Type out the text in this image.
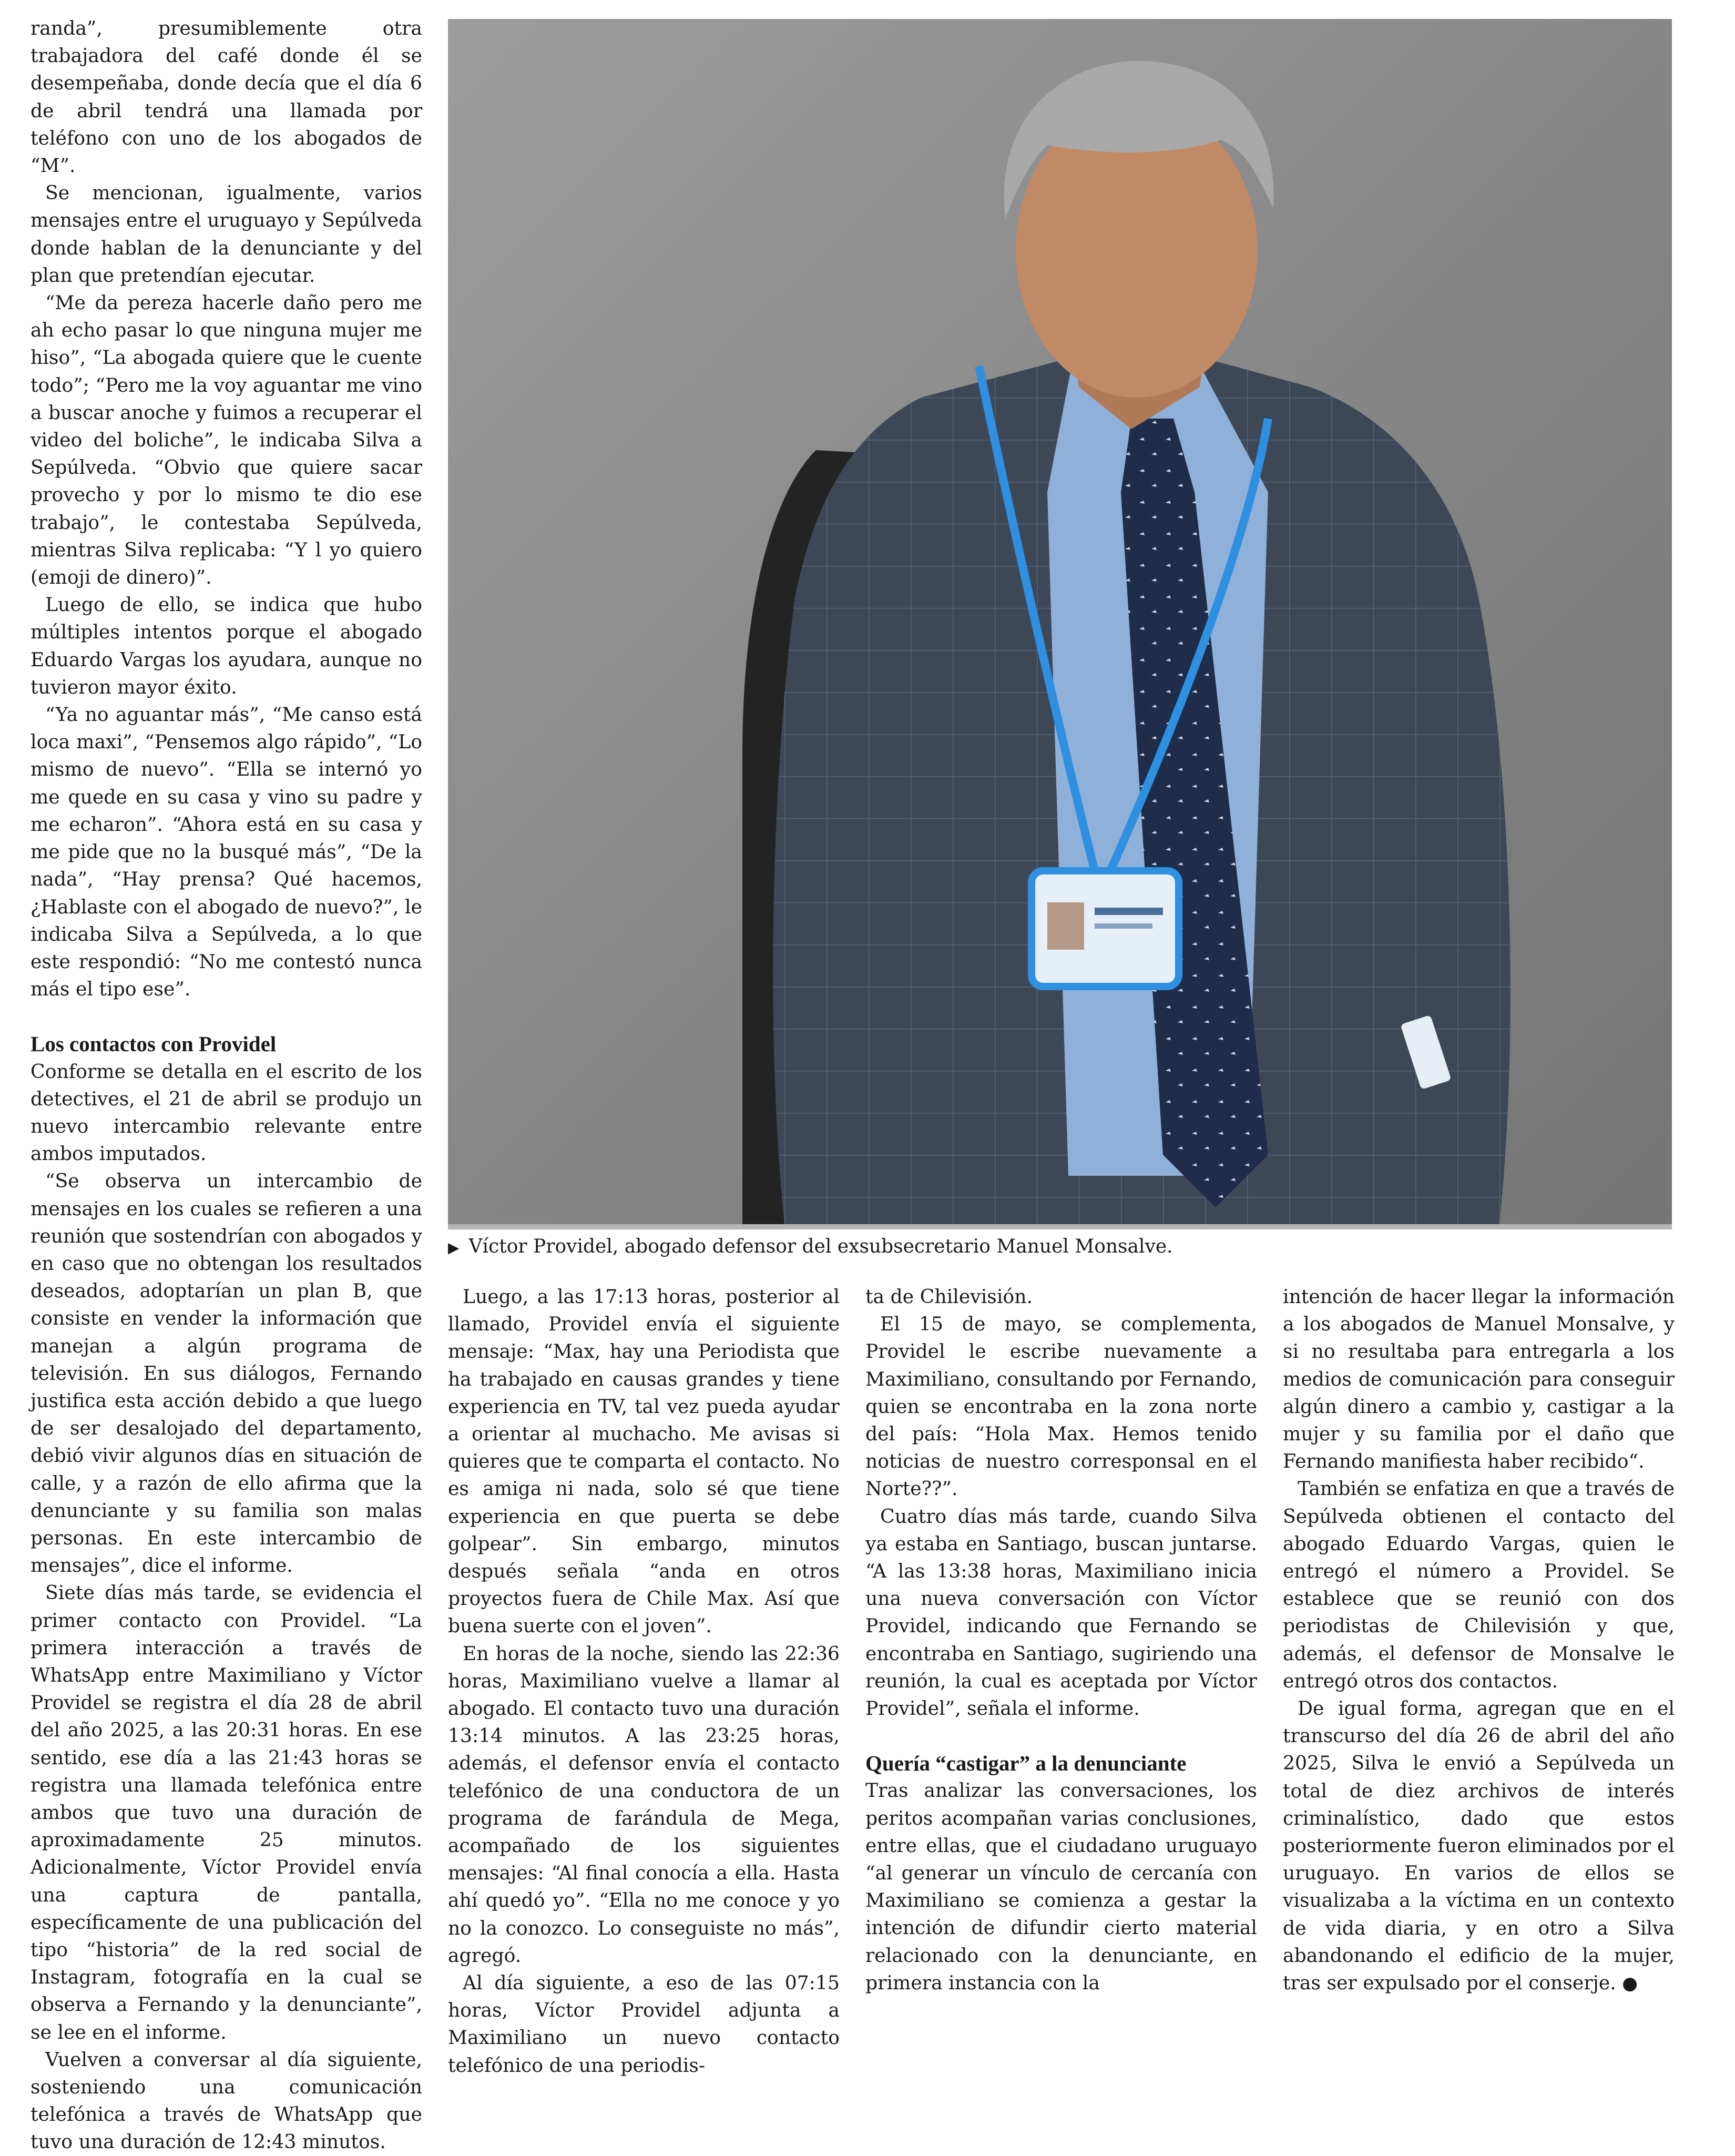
randa”, presumiblemente otra trabajadora del café donde él se desempeñaba, donde decía que el día 6 de abril tendrá una llamada por teléfono con uno de los abogados de “M”.

Se mencionan, igualmente, varios mensajes entre el uruguayo y Sepúlveda donde hablan de la denunciante y del plan que pretendían ejecutar.

“Me da pereza hacerle daño pero me ah echo pasar lo que ninguna mujer me hiso”, “La abogada quiere que le cuente todo”; “Pero me la voy aguantar me vino a buscar anoche y fuimos a recuperar el video del boliche”, le indicaba Silva a Sepúlveda. “Obvio que quiere sacar provecho y por lo mismo te dio ese trabajo”, le contestaba Sepúlveda, mientras Silva replicaba: “Y l yo quiero (emoji de dinero)”.

Luego de ello, se indica que hubo múltiples intentos porque el abogado Eduardo Vargas los ayudara, aunque no tuvieron mayor éxito.

“Ya no aguantar más”, “Me canso está loca maxi”, “Pensemos algo rápido”, “Lo mismo de nuevo”. “Ella se internó yo me quede en su casa y vino su padre y me echaron”. “Ahora está en su casa y me pide que no la busqué más”, “De la nada”, “Hay prensa? Qué hacemos, ¿Hablaste con el abogado de nuevo?”, le indicaba Silva a Sepúlveda, a lo que este respondió: “No me contestó nunca más el tipo ese”.

Los contactos con Providel

Conforme se detalla en el escrito de los detectives, el 21 de abril se produjo un nuevo intercambio relevante entre ambos imputados.

“Se observa un intercambio de mensajes en los cuales se refieren a una reunión que sostendrían con abogados y en caso que no obtengan los resultados deseados, adoptarían un plan B, que consiste en vender la información que manejan a algún programa de televisión. En sus diálogos, Fernando justifica esta acción debido a que luego de ser desalojado del departamento, debió vivir algunos días en situación de calle, y a razón de ello afirma que la denunciante y su familia son malas personas. En este intercambio de mensajes”, dice el informe.

Siete días más tarde, se evidencia el primer contacto con Providel. “La primera interacción a través de WhatsApp entre Maximiliano y Víctor Providel se registra el día 28 de abril del año 2025, a las 20:31 horas. En ese sentido, ese día a las 21:43 horas se registra una llamada telefónica entre ambos que tuvo una duración de aproximadamente 25 minutos. Adicionalmente, Víctor Providel envía una captura de pantalla, específicamente de una publicación del tipo “historia” de la red social de Instagram, fotografía en la cual se observa a Fernando y la denunciante”, se lee en el informe.

Vuelven a conversar al día siguiente, sosteniendo una comunicación telefónica a través de WhatsApp que tuvo una duración de 12:43 minutos.

▶ Víctor Providel, abogado defensor del exsubsecretario Manuel Monsalve.

Luego, a las 17:13 horas, posterior al llamado, Providel envía el siguiente mensaje: “Max, hay una Periodista que ha trabajado en causas grandes y tiene experiencia en TV, tal vez pueda ayudar a orientar al muchacho. Me avisas si quieres que te comparta el contacto. No es amiga ni nada, solo sé que tiene experiencia en que puerta se debe golpear”. Sin embargo, minutos después señala “anda en otros proyectos fuera de Chile Max. Así que buena suerte con el joven”.

En horas de la noche, siendo las 22:36 horas, Maximiliano vuelve a llamar al abogado. El contacto tuvo una duración 13:14 minutos. A las 23:25 horas, además, el defensor envía el contacto telefónico de una conductora de un programa de farándula de Mega, acompañado de los siguientes mensajes: “Al final conocía a ella. Hasta ahí quedó yo”. “Ella no me conoce y yo no la conozco. Lo conseguiste no más”, agregó.

Al día siguiente, a eso de las 07:15 horas, Víctor Providel adjunta a Maximiliano un nuevo contacto telefónico de una periodis-

ta de Chilevisión.

El 15 de mayo, se complementa, Providel le escribe nuevamente a Maximiliano, consultando por Fernando, quien se encontraba en la zona norte del país: “Hola Max. Hemos tenido noticias de nuestro corresponsal en el Norte??”.

Cuatro días más tarde, cuando Silva ya estaba en Santiago, buscan juntarse. “A las 13:38 horas, Maximiliano inicia una nueva conversación con Víctor Providel, indicando que Fernando se encontraba en Santiago, sugiriendo una reunión, la cual es aceptada por Víctor Providel”, señala el informe.

Quería “castigar” a la denunciante

Tras analizar las conversaciones, los peritos acompañan varias conclusiones, entre ellas, que el ciudadano uruguayo “al generar un vínculo de cercanía con Maximiliano se comienza a gestar la intención de difundir cierto material relacionado con la denunciante, en primera instancia con la

intención de hacer llegar la información a los abogados de Manuel Monsalve, y si no resultaba para entregarla a los medios de comunicación para conseguir algún dinero a cambio y, castigar a la mujer y su familia por el daño que Fernando manifiesta haber recibido“.

También se enfatiza en que a través de Sepúlveda obtienen el contacto del abogado Eduardo Vargas, quien le entregó el número a Providel. Se establece que se reunió con dos periodistas de Chilevisión y que, además, el defensor de Monsalve le entregó otros dos contactos.

De igual forma, agregan que en el transcurso del día 26 de abril del año 2025, Silva le envió a Sepúlveda un total de diez archivos de interés criminalístico, dado que estos posteriormente fueron eliminados por el uruguayo. En varios de ellos se visualizaba a la víctima en un contexto de vida diaria, y en otro a Silva abandonando el edificio de la mujer, tras ser expulsado por el conserje. ●
